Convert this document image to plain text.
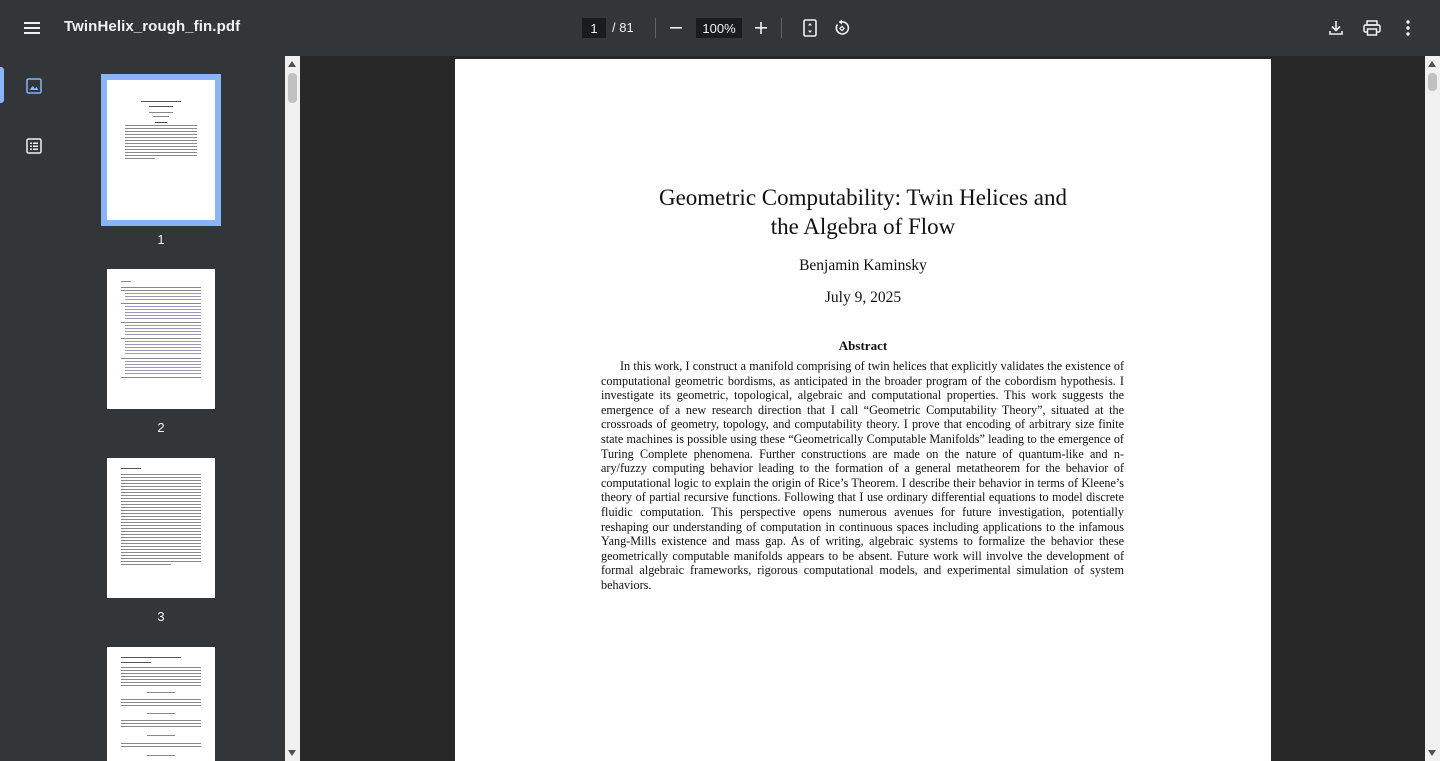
TwinHelix_rough_fin.pdf	1	/ 81	100%
1
2
3
Geometric Computability: Twin Helices and
the Algebra of Flow
Benjamin Kaminsky
July 9, 2025
Abstract
In this work, I construct a manifold comprising of twin helices that explicitly validates the existence of computational geometric bordisms, as anticipated in the broader program of the cobordism hypothesis. I investigate its geometric, topological, algebraic and computational properties. This work suggests the emergence of a new research direction that I call “Geometric Computability Theory”, situated at the crossroads of geometry, topology, and computability theory. I prove that encoding of arbitrary size finite state machines is possible using these “Geometrically Computable Manifolds” leading to the emergence of Turing Complete phenomena. Further constructions are made on the nature of quantum-like and n-ary/fuzzy computing behavior leading to the formation of a general metatheorem for the behavior of computational logic to explain the origin of Rice’s Theorem. I describe their behavior in terms of Kleene’s theory of partial recursive functions. Following that I use ordinary differential equations to model discrete fluidic computation. This perspective opens numerous avenues for future investigation, potentially reshaping our understanding of computation in continuous spaces including applications to the infamous Yang-Mills existence and mass gap. As of writing, algebraic systems to formalize the behavior these geometrically computable manifolds appears to be absent. Future work will involve the development of formal algebraic frameworks, rigorous computational models, and experimental simulation of system behaviors.
